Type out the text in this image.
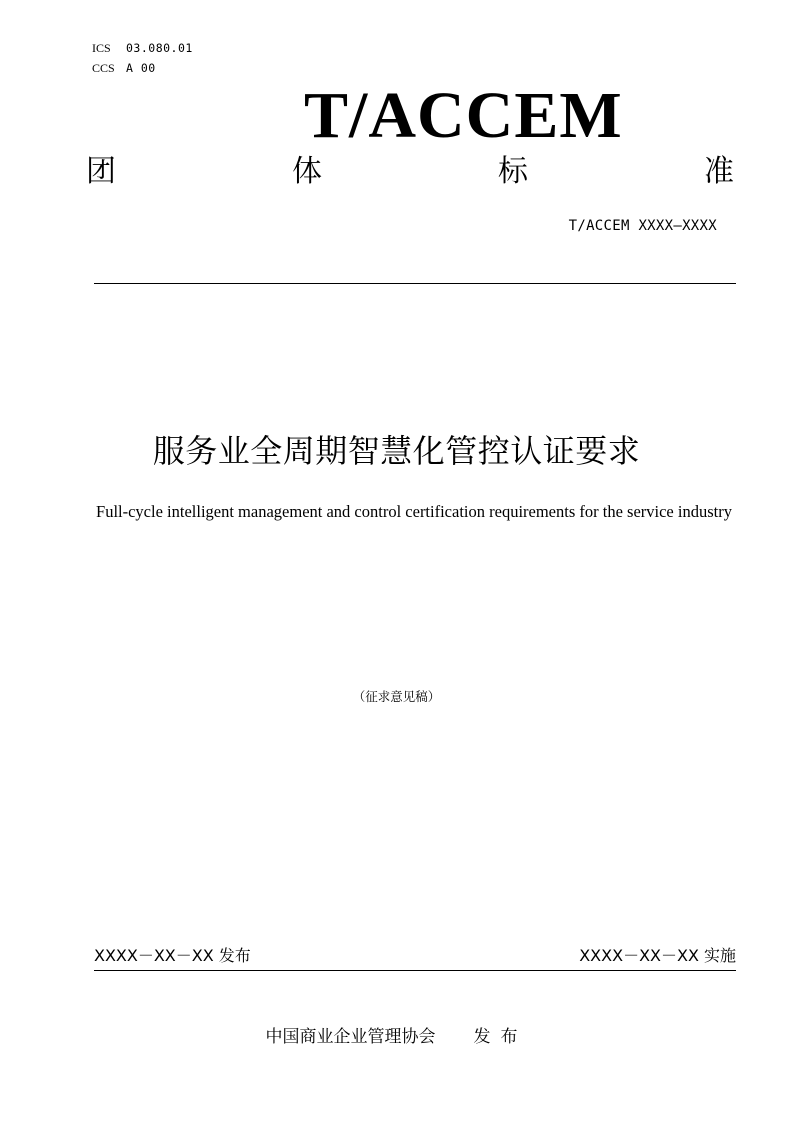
ICS	03.080.01
CCS A 00
T/ACCEM
团	体	标	准
T/ACCEM XXXX—XXXX
服务业全周期智慧化管控认证要求
Full-cycle intelligent management and control certification requirements for the service industry
（征求意见稿）
XXXX－XX－XX 发布	XXXX－XX－XX 实施
中国商业企业管理协会 发布
